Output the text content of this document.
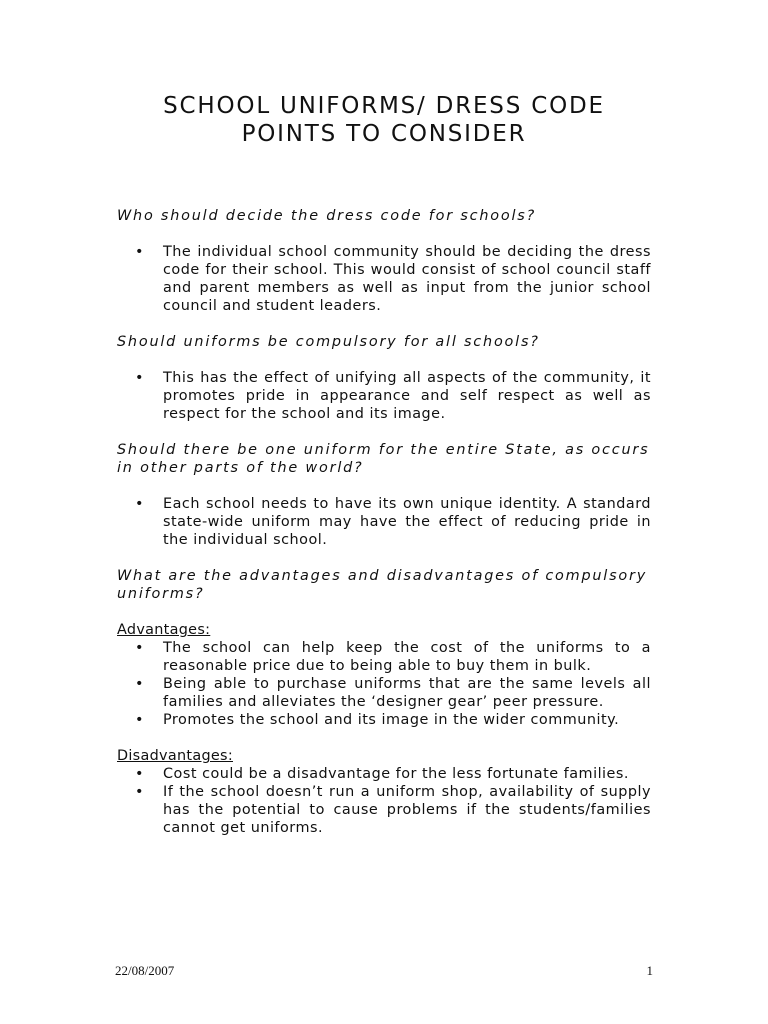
SCHOOL UNIFORMS/ DRESS CODE
POINTS TO CONSIDER

Who should decide the dress code for schools?

• The individual school community should be deciding the dress code for their school. This would consist of school council staff and parent members as well as input from the junior school council and student leaders.

Should uniforms be compulsory for all schools?

• This has the effect of unifying all aspects of the community, it promotes pride in appearance and self respect as well as respect for the school and its image.

Should there be one uniform for the entire State, as occurs in other parts of the world?

• Each school needs to have its own unique identity. A standard state-wide uniform may have the effect of reducing pride in the individual school.

What are the advantages and disadvantages of compulsory uniforms?

Advantages:

• The school can help keep the cost of the uniforms to a reasonable price due to being able to buy them in bulk.
• Being able to purchase uniforms that are the same levels all families and alleviates the ‘designer gear’ peer pressure.
• Promotes the school and its image in the wider community.

Disadvantages:

• Cost could be a disadvantage for the less fortunate families.
• If the school doesn’t run a uniform shop, availability of supply has the potential to cause problems if the students/families cannot get uniforms.
22/08/2007	1
